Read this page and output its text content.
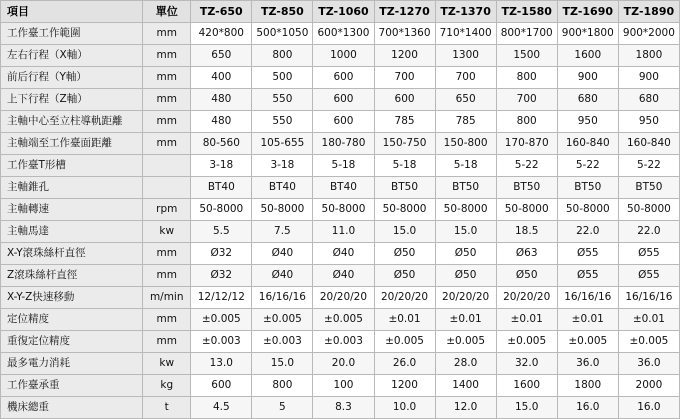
項目	單位	TZ-650	TZ-850	TZ-1060	TZ-1270	TZ-1370	TZ-1580	TZ-1690	TZ-1890
工作臺工作範圍	mm	420*800	500*1050	600*1300	700*1360	710*1400	800*1700	900*1800	900*2000
左右行程（X軸）	mm	650	800	1000	1200	1300	1500	1600	1800
前后行程（Y軸）	mm	400	500	600	700	700	800	900	900
上下行程（Z軸）	mm	480	550	600	600	650	700	680	680
主軸中心至立柱導軌距離	mm	480	550	600	785	785	800	950	950
主軸端至工作臺面距離	mm	80-560	105-655	180-780	150-750	150-800	170-870	160-840	160-840
工作臺T形槽		3-18	3-18	5-18	5-18	5-18	5-22	5-22	5-22
主軸錐孔		BT40	BT40	BT40	BT50	BT50	BT50	BT50	BT50
主軸轉速	rpm	50-8000	50-8000	50-8000	50-8000	50-8000	50-8000	50-8000	50-8000
主軸馬達	kw	5.5	7.5	11.0	15.0	15.0	18.5	22.0	22.0
X-Y滾珠絲杆直徑	mm	Ø32	Ø40	Ø40	Ø50	Ø50	Ø63	Ø55	Ø55
Z滾珠絲杆直徑	mm	Ø32	Ø40	Ø40	Ø50	Ø50	Ø50	Ø55	Ø55
X-Y-Z快速移動	m/min	12/12/12	16/16/16	20/20/20	20/20/20	20/20/20	20/20/20	16/16/16	16/16/16
定位精度	mm	±0.005	±0.005	±0.005	±0.01	±0.01	±0.01	±0.01	±0.01
重復定位精度	mm	±0.003	±0.003	±0.003	±0.005	±0.005	±0.005	±0.005	±0.005
最多電力消耗	kw	13.0	15.0	20.0	26.0	28.0	32.0	36.0	36.0
工作臺承重	kg	600	800	100	1200	1400	1600	1800	2000
機床總重	t	4.5	5	8.3	10.0	12.0	15.0	16.0	16.0
